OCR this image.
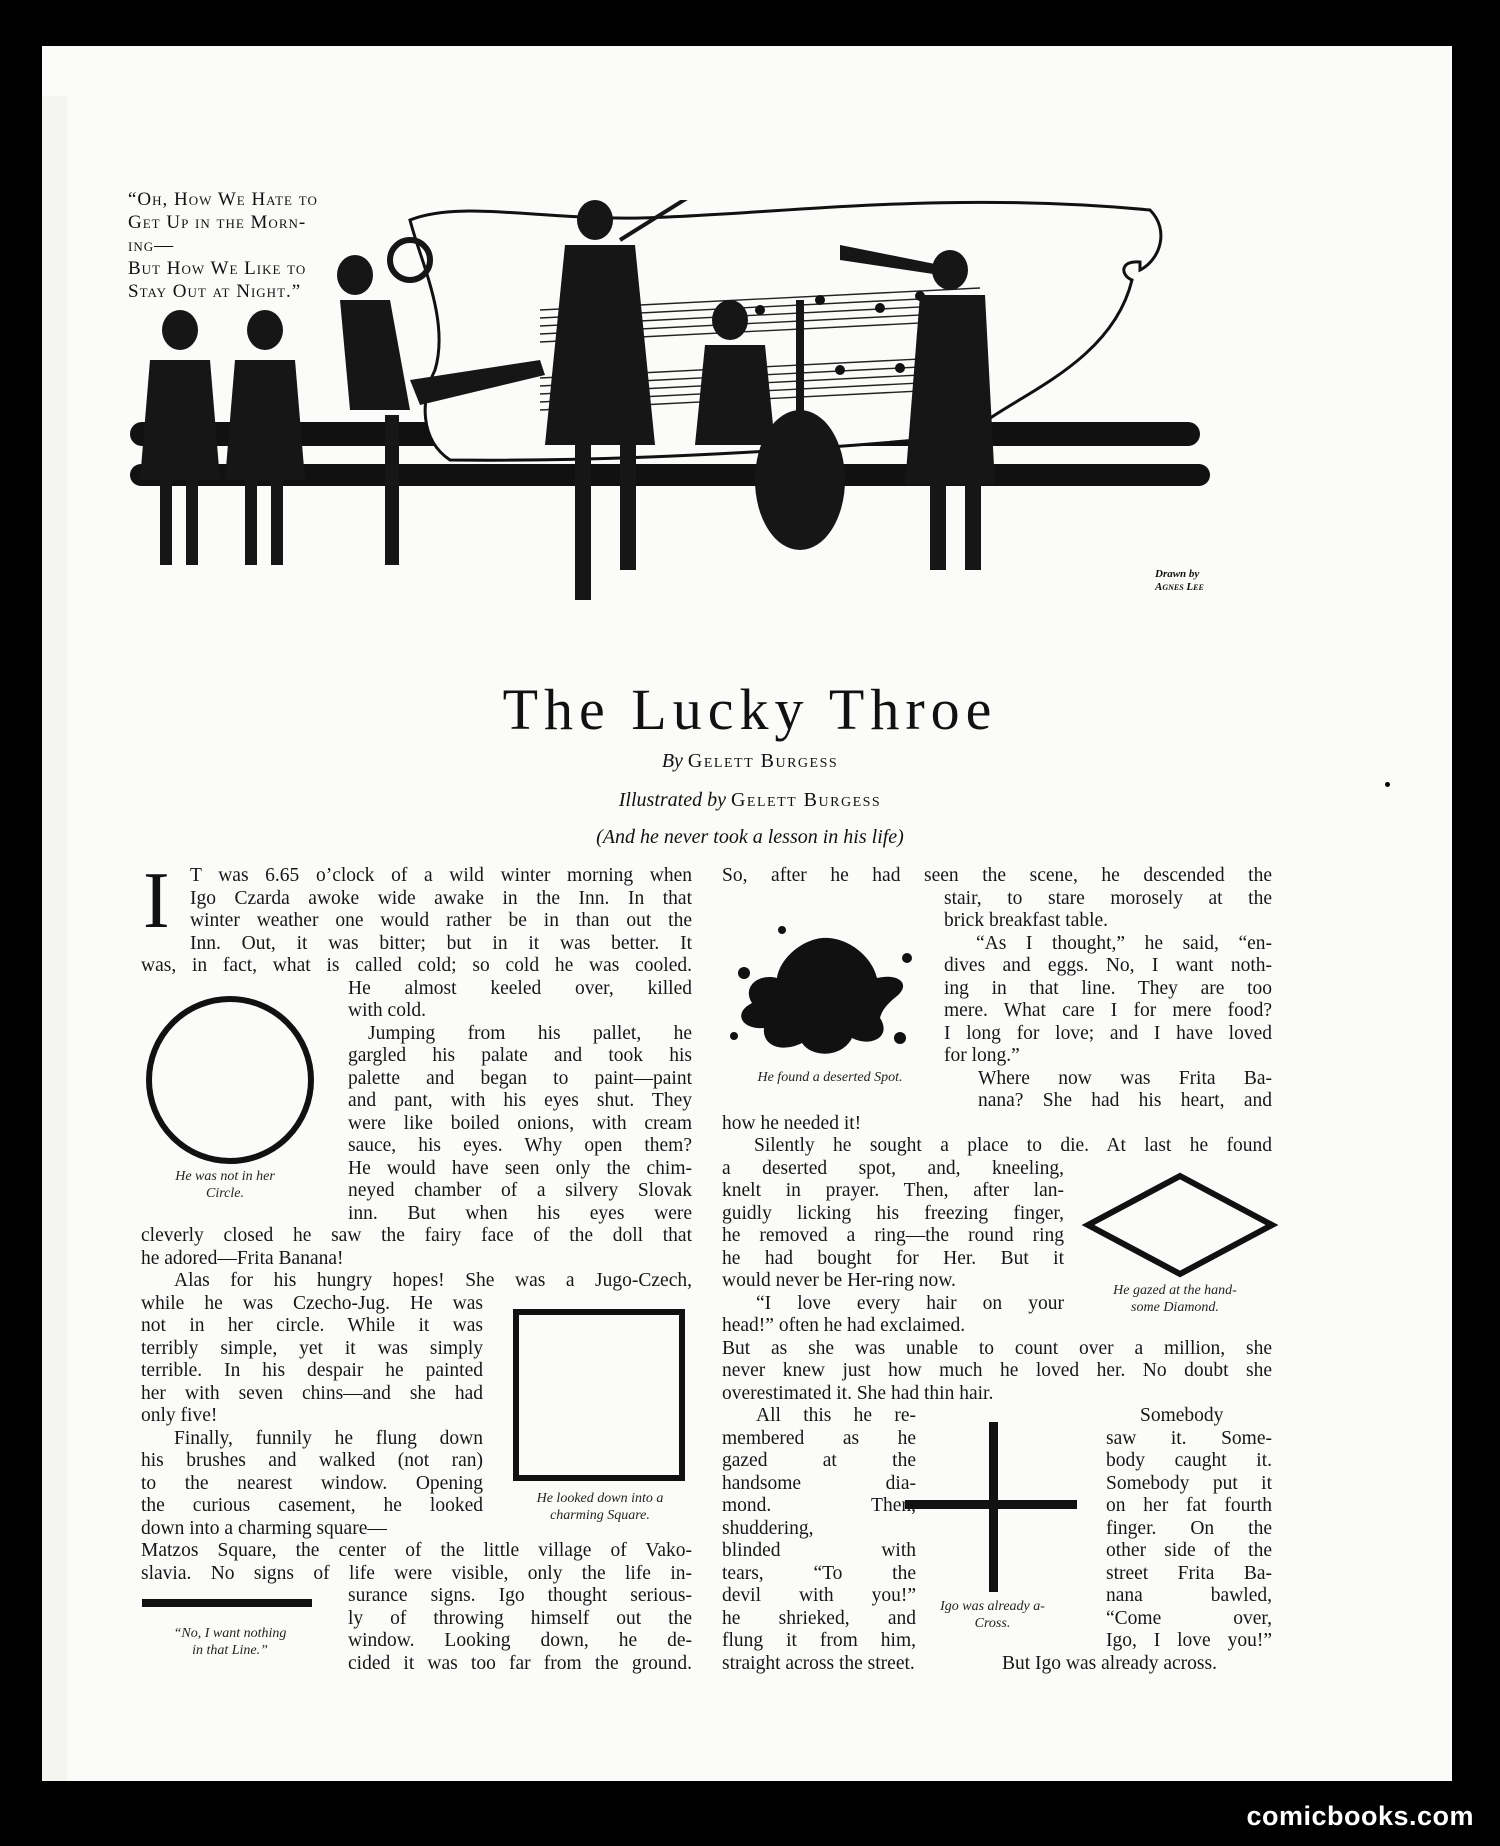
“Oh, How We Hate to
Get Up in the Morn-
ing—
But How We Like to
Stay Out at Night.”
Drawn by
Agnes Lee
The Lucky Throe
By Gelett Burgess
Illustrated by Gelett Burgess
(And he never took a lesson in his life)
I
He was not in her
Circle.
He looked down into a
charming Square.
“No, I want nothing
in that Line.”
He found a deserted Spot.
He gazed at the hand-
some Diamond.
Igo was already a-
Cross.
T was 6.65 o’clock of a wild winter morning when
Igo Czarda awoke wide awake in the Inn. In that
winter weather one would rather be in than out the
Inn. Out, it was bitter; but in it was better. It
was, in fact, what is called cold; so cold he was cooled.
He almost keeled over, killed
with cold.
Jumping from his pallet, he
gargled his palate and took his
palette and began to paint—paint
and pant, with his eyes shut. They
were like boiled onions, with cream
sauce, his eyes. Why open them?
He would have seen only the chim-
neyed chamber of a silvery Slovak
inn. But when his eyes were
cleverly closed he saw the fairy face of the doll that
he adored—Frita Banana!
Alas for his hungry hopes! She was a Jugo-Czech,
while he was Czecho-Jug. He was
not in her circle. While it was
terribly simple, yet it was simply
terrible. In his despair he painted
her with seven chins—and she had
only five!
Finally, funnily he flung down
his brushes and walked (not ran)
to the nearest window. Opening
the curious casement, he looked
down into a charming square—
Matzos Square, the center of the little village of Vako-
slavia. No signs of life were visible, only the life in-
surance signs. Igo thought serious-
ly of throwing himself out the
window. Looking down, he de-
cided it was too far from the ground.
So, after he had seen the scene, he descended the
stair, to stare morosely at the
brick breakfast table.
“As I thought,” he said, “en-
dives and eggs. No, I want noth-
ing in that line. They are too
mere. What care I for mere food?
I long for love; and I have loved
for long.”
Where now was Frita Ba-
nana? She had his heart, and
how he needed it!
Silently he sought a place to die. At last he found
a deserted spot, and, kneeling,
knelt in prayer. Then, after lan-
guidly licking his freezing finger,
he removed a ring—the round ring
he had bought for Her. But it
would never be Her-ring now.
“I love every hair on your
head!” often he had exclaimed.
But as she was unable to count over a million, she
never knew just how much he loved her. No doubt she
overestimated it. She had thin hair.
All this he re-
membered as he
gazed at the
handsome dia-
mond. Then,
shuddering,
blinded with
tears, “To the
devil with you!”
he shrieked, and
flung it from him,
straight across the street.
Somebody
saw it. Some-
body caught it.
Somebody put it
on her fat fourth
finger. On the
other side of the
street Frita Ba-
nana bawled,
“Come over,
Igo, I love you!”
But Igo was already across.
comicbooks.com
